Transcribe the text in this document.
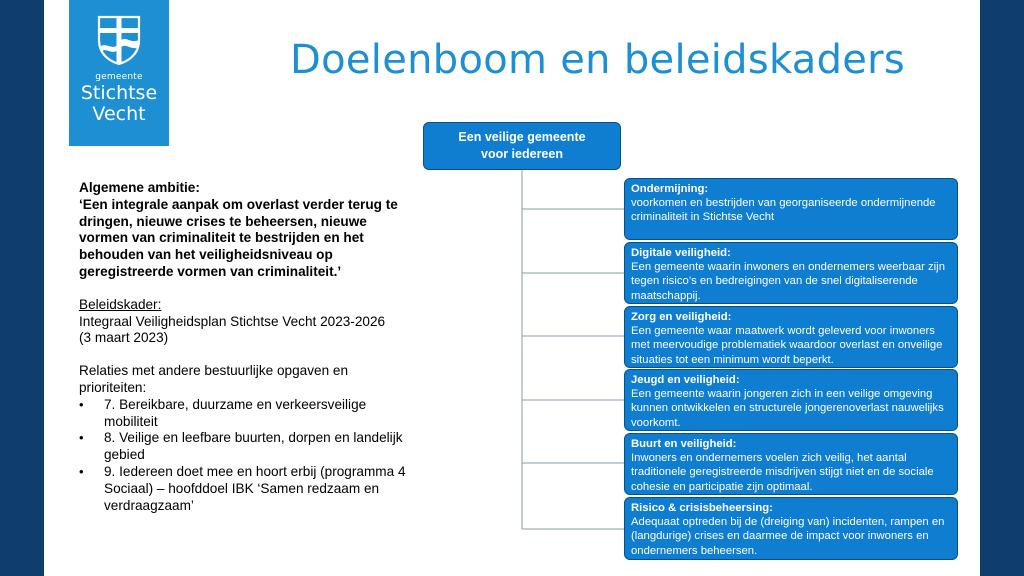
gemeente
Stichtse
Vecht
Doelenboom en beleidskaders
Algemene ambitie:
‘Een integrale aanpak om overlast verder terug te dringen, nieuwe crises te beheersen, nieuwe vormen van criminaliteit te bestrijden en het behouden van het veiligheidsniveau op geregistreerde vormen van criminaliteit.’
Beleidskader:
Integraal Veiligheidsplan Stichtse Vecht 2023-2026
(3 maart 2023)
Relaties met andere bestuurlijke opgaven en prioriteiten:
• 7. Bereikbare, duurzame en verkeersveilige mobiliteit
• 8. Veilige en leefbare buurten, dorpen en landelijk gebied
• 9. Iedereen doet mee en hoort erbij (programma 4 Sociaal) – hoofddoel IBK ‘Samen redzaam en verdraagzaam’
Een veilige gemeente
voor iedereen
Ondermijning:
voorkomen en bestrijden van georganiseerde ondermijnende criminaliteit in Stichtse Vecht
Digitale veiligheid:
Een gemeente waarin inwoners en ondernemers weerbaar zijn tegen risico’s en bedreigingen van de snel digitaliserende maatschappij.
Zorg en veiligheid:
Een gemeente waar maatwerk wordt geleverd voor inwoners met meervoudige problematiek waardoor overlast en onveilige situaties tot een minimum wordt beperkt.
Jeugd en veiligheid:
Een gemeente waarin jongeren zich in een veilige omgeving kunnen ontwikkelen en structurele jongerenoverlast nauwelijks voorkomt.
Buurt en veiligheid:
Inwoners en ondernemers voelen zich veilig, het aantal traditionele geregistreerde misdrijven stijgt niet en de sociale cohesie en participatie zijn optimaal.
Risico & crisisbeheersing:
Adequaat optreden bij de (dreiging van) incidenten, rampen en (langdurige) crises en daarmee de impact voor inwoners en ondernemers beheersen.
